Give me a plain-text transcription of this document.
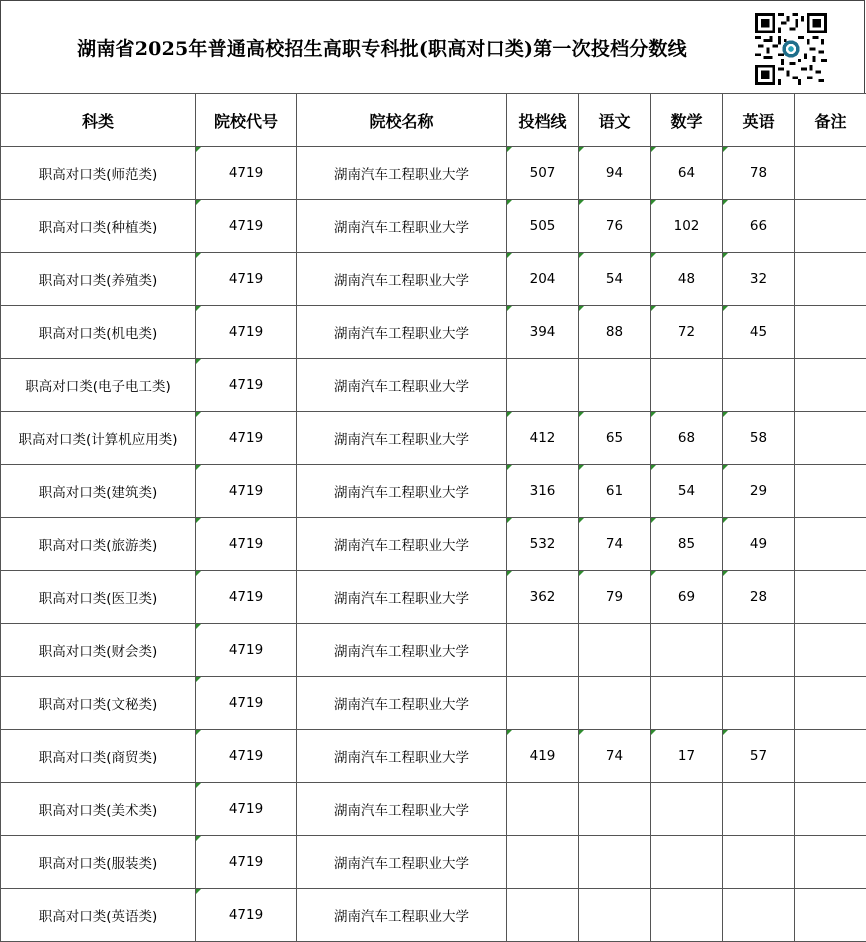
湖南省2025年普通高校招生高职专科批(职高对口类)第一次投档分数线
科类	院校代号	院校名称	投档线	语文	数学	英语	备注
职高对口类(师范类)	4719	湖南汽车工程职业大学	507	94	64	78	
职高对口类(种植类)	4719	湖南汽车工程职业大学	505	76	102	66	
职高对口类(养殖类)	4719	湖南汽车工程职业大学	204	54	48	32	
职高对口类(机电类)	4719	湖南汽车工程职业大学	394	88	72	45	
职高对口类(电子电工类)	4719	湖南汽车工程职业大学					
职高对口类(计算机应用类)	4719	湖南汽车工程职业大学	412	65	68	58	
职高对口类(建筑类)	4719	湖南汽车工程职业大学	316	61	54	29	
职高对口类(旅游类)	4719	湖南汽车工程职业大学	532	74	85	49	
职高对口类(医卫类)	4719	湖南汽车工程职业大学	362	79	69	28	
职高对口类(财会类)	4719	湖南汽车工程职业大学					
职高对口类(文秘类)	4719	湖南汽车工程职业大学					
职高对口类(商贸类)	4719	湖南汽车工程职业大学	419	74	17	57	
职高对口类(美术类)	4719	湖南汽车工程职业大学					
职高对口类(服装类)	4719	湖南汽车工程职业大学					
职高对口类(英语类)	4719	湖南汽车工程职业大学					
